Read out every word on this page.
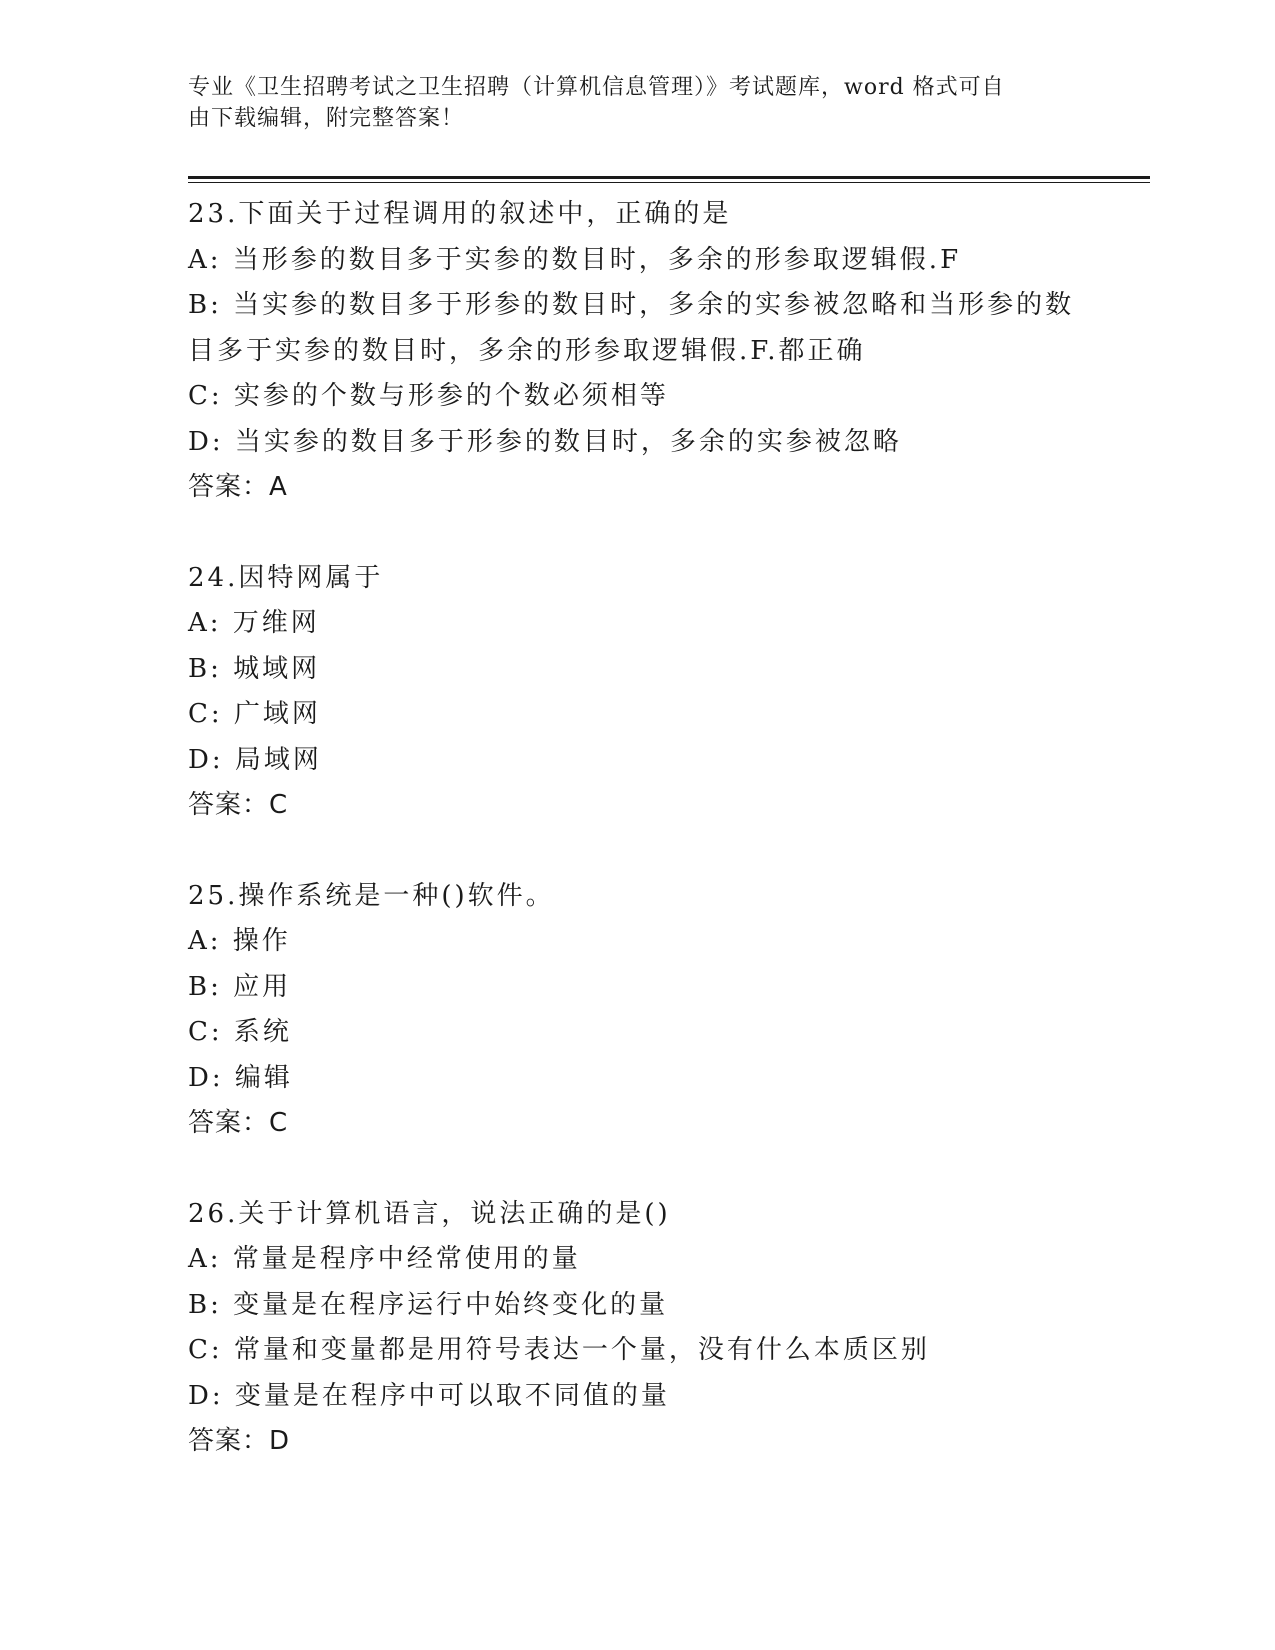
专业《卫生招聘考试之卫生招聘（计算机信息管理）》考试题库，word 格式可自
由下载编辑，附完整答案！
23.下面关于过程调用的叙述中，正确的是
A: 当形参的数目多于实参的数目时，多余的形参取逻辑假.F
B: 当实参的数目多于形参的数目时，多余的实参被忽略和当形参的数
目多于实参的数目时，多余的形参取逻辑假.F.都正确
C: 实参的个数与形参的个数必须相等
D: 当实参的数目多于形参的数目时，多余的实参被忽略
答案：A
24.因特网属于
A: 万维网
B: 城域网
C: 广域网
D: 局域网
答案：C
25.操作系统是一种()软件。
A: 操作
B: 应用
C: 系统
D: 编辑
答案：C
26.关于计算机语言，说法正确的是()
A: 常量是程序中经常使用的量
B: 变量是在程序运行中始终变化的量
C: 常量和变量都是用符号表达一个量，没有什么本质区别
D: 变量是在程序中可以取不同值的量
答案：D
